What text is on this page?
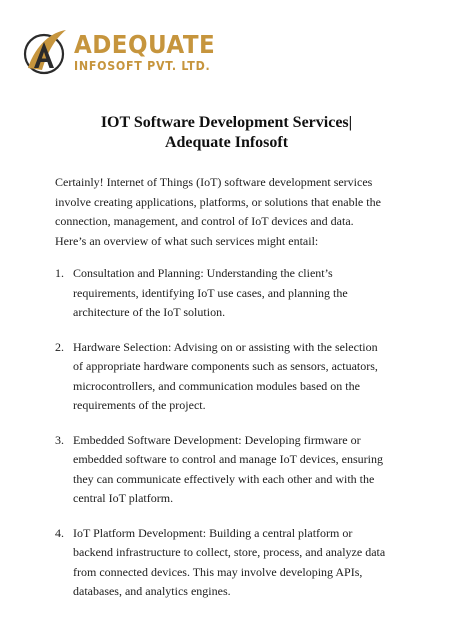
ADEQUATE
INFOSOFT PVT. LTD.
IOT Software Development Services|
Adequate Infosoft
Certainly! Internet of Things (IoT) software development services
involve creating applications, platforms, or solutions that enable the
connection, management, and control of IoT devices and data.
Here’s an overview of what such services might entail:
1. Consultation and Planning: Understanding the client’s
requirements, identifying IoT use cases, and planning the
architecture of the IoT solution.
2. Hardware Selection: Advising on or assisting with the selection
of appropriate hardware components such as sensors, actuators,
microcontrollers, and communication modules based on the
requirements of the project.
3. Embedded Software Development: Developing firmware or
embedded software to control and manage IoT devices, ensuring
they can communicate effectively with each other and with the
central IoT platform.
4. IoT Platform Development: Building a central platform or
backend infrastructure to collect, store, process, and analyze data
from connected devices. This may involve developing APIs,
databases, and analytics engines.
